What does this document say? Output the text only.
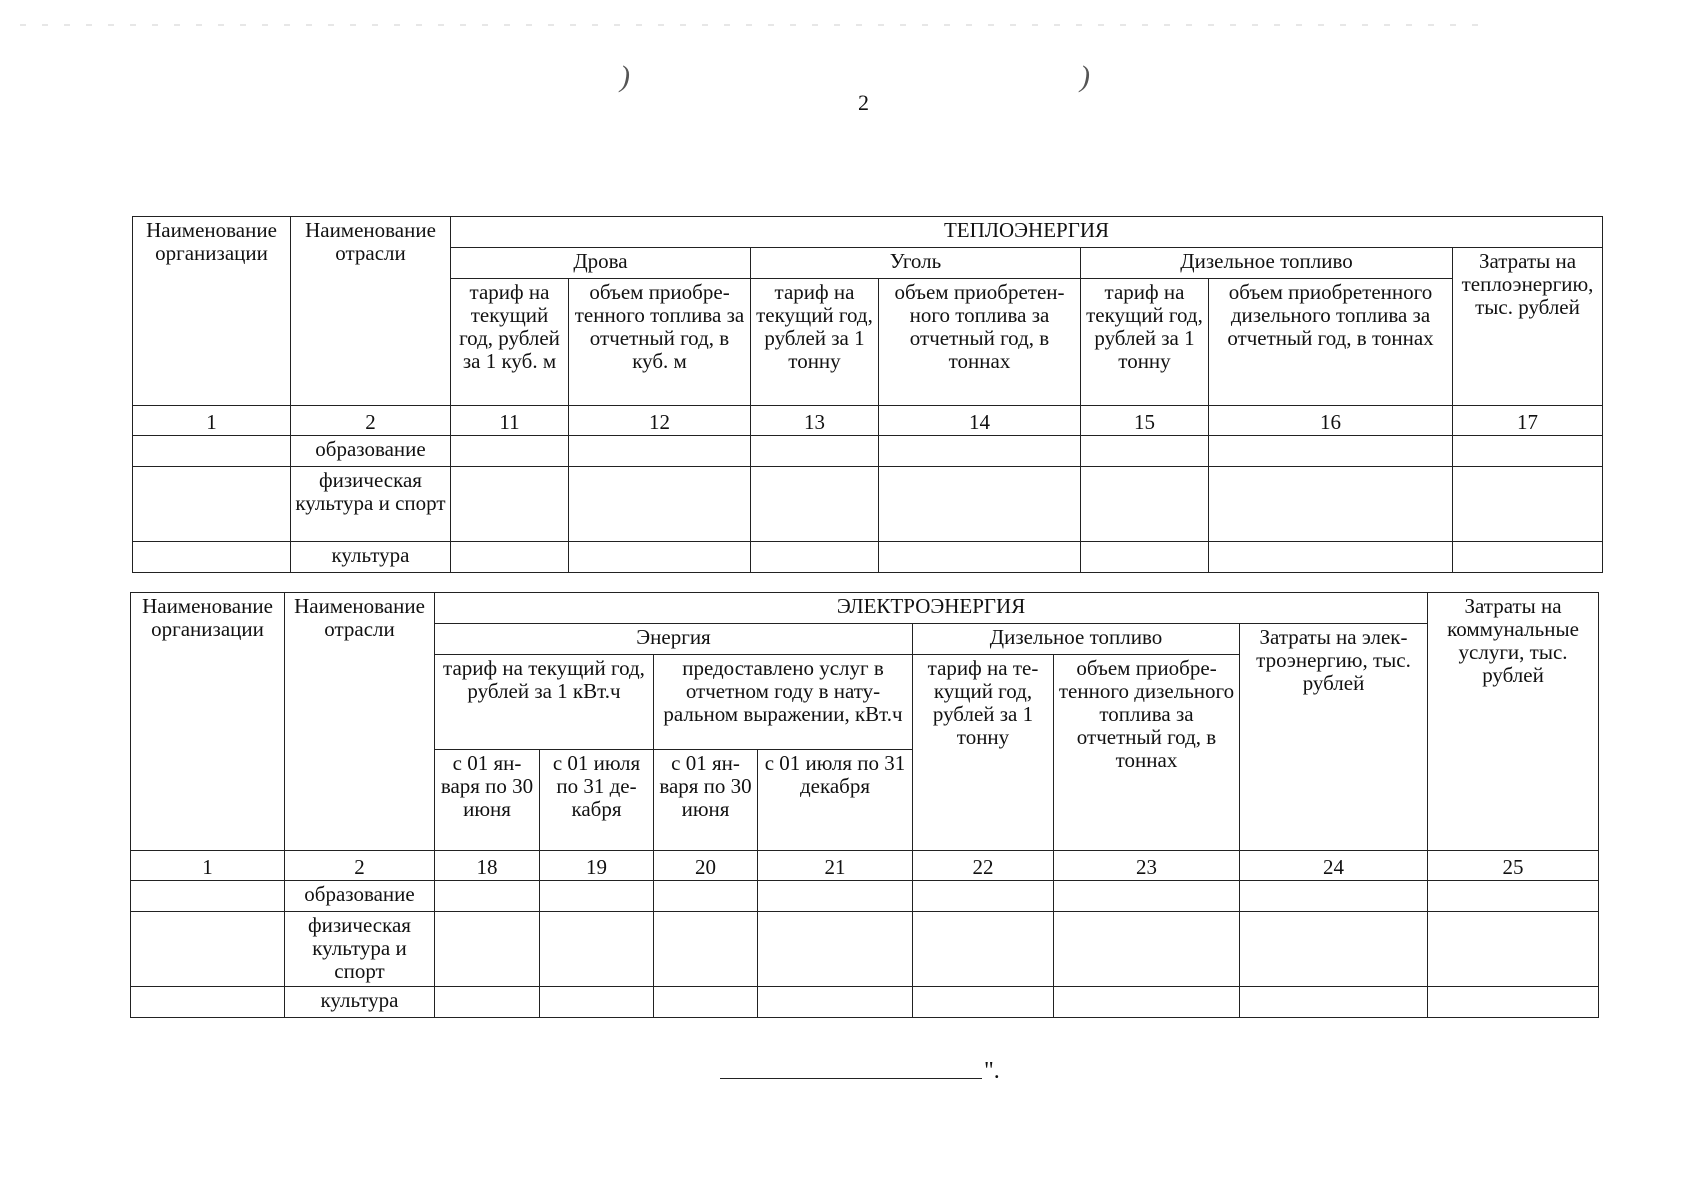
)	)
2
Наименование организации	Наименование отрасли	ТЕПЛОЭНЕРГИЯ						
		Дрова		Уголь		Дизельное топливо		Затраты на теплоэнергию, тыс. рублей
		тариф на текущий год, рублей за 1 куб. м	объем приобретенного топлива за отчетный год, в куб. м	тариф на текущий год, рублей за 1 тонну	объем приобретенного топлива за отчетный год, в тоннах	тариф на текущий год, рублей за 1 тонну	объем приобретенного дизельного топлива за отчетный год, в тоннах	
1	2	11	12	13	14	15	16	17
	образование							
	физическая культура и спорт							
	культура							
Наименование организации	Наименование отрасли	ЭЛЕКТРОЭНЕРГИЯ							Затраты на коммунальные услуги, тыс. рублей
		Энергия				Дизельное топливо		Затраты на электроэнергию, тыс. рублей	
		тариф на текущий год, рублей за 1 кВт.ч		предоставлено услуг в отчетном году в натуральном выражении, кВт.ч		тариф на текущий год, рублей за 1 тонну	объем приобретенного дизельного топлива за отчетный год, в тоннах		
		с 01 января по 30 июня	с 01 июля по 31 декабря	с 01 января по 30 июня	с 01 июля по 31 декабря				
1	2	18	19	20	21	22	23	24	25
	образование								
	физическая культура и спорт								
	культура								
".
